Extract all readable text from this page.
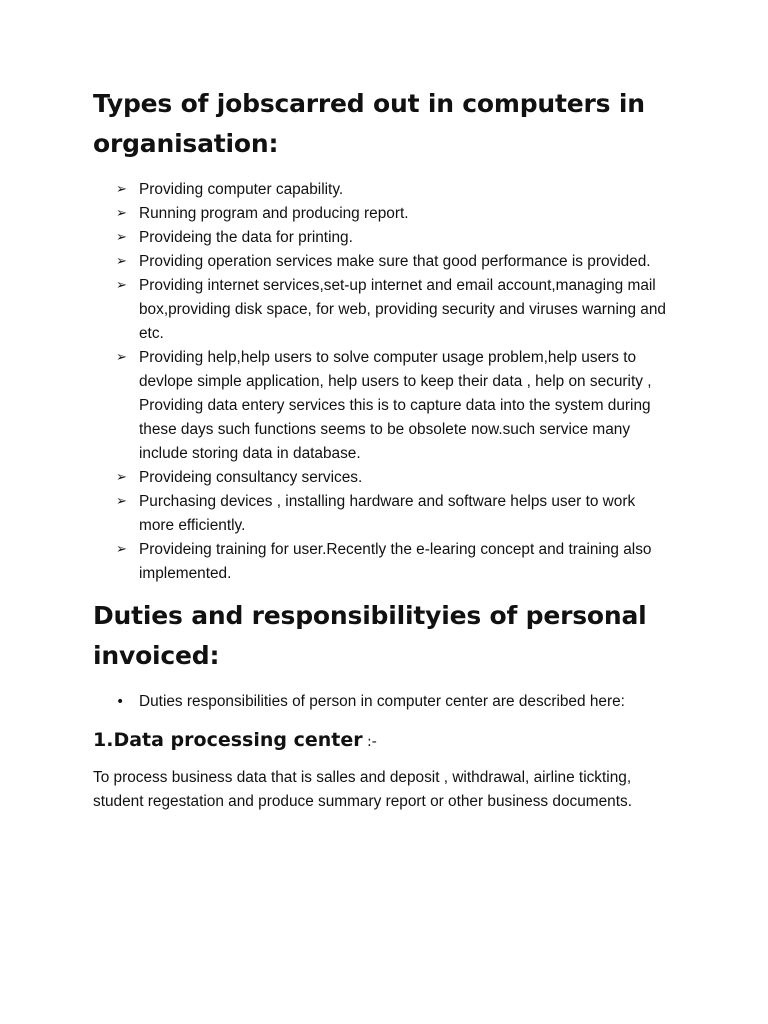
Types of jobscarred out in computers in organisation:
➢ Providing computer capability.
➢ Running program and producing report.
➢ Provideing the data for printing.
➢ Providing operation services make sure that good performance is provided.
➢ Providing internet services,set-up internet and email account,managing mail box,providing disk space, for web, providing security and viruses warning and etc.
➢ Providing help,help users to solve computer usage problem,help users to devlope simple application, help users to keep their data , help on security , Providing data entery services this is to capture data into the system during these days such functions seems to be obsolete now.such service many include storing data in database.
➢ Provideing consultancy services.
➢ Purchasing devices , installing hardware and software helps user to work more efficiently.
➢ Provideing training for user.Recently the e-learing concept and training also implemented.
Duties and responsibilityies of personal invoiced:
• Duties responsibilities of person in computer center are described here:
1.Data processing center :-

To process business data that is salles and deposit , withdrawal, airline tickting, student regestation and produce summary report or other business documents.
